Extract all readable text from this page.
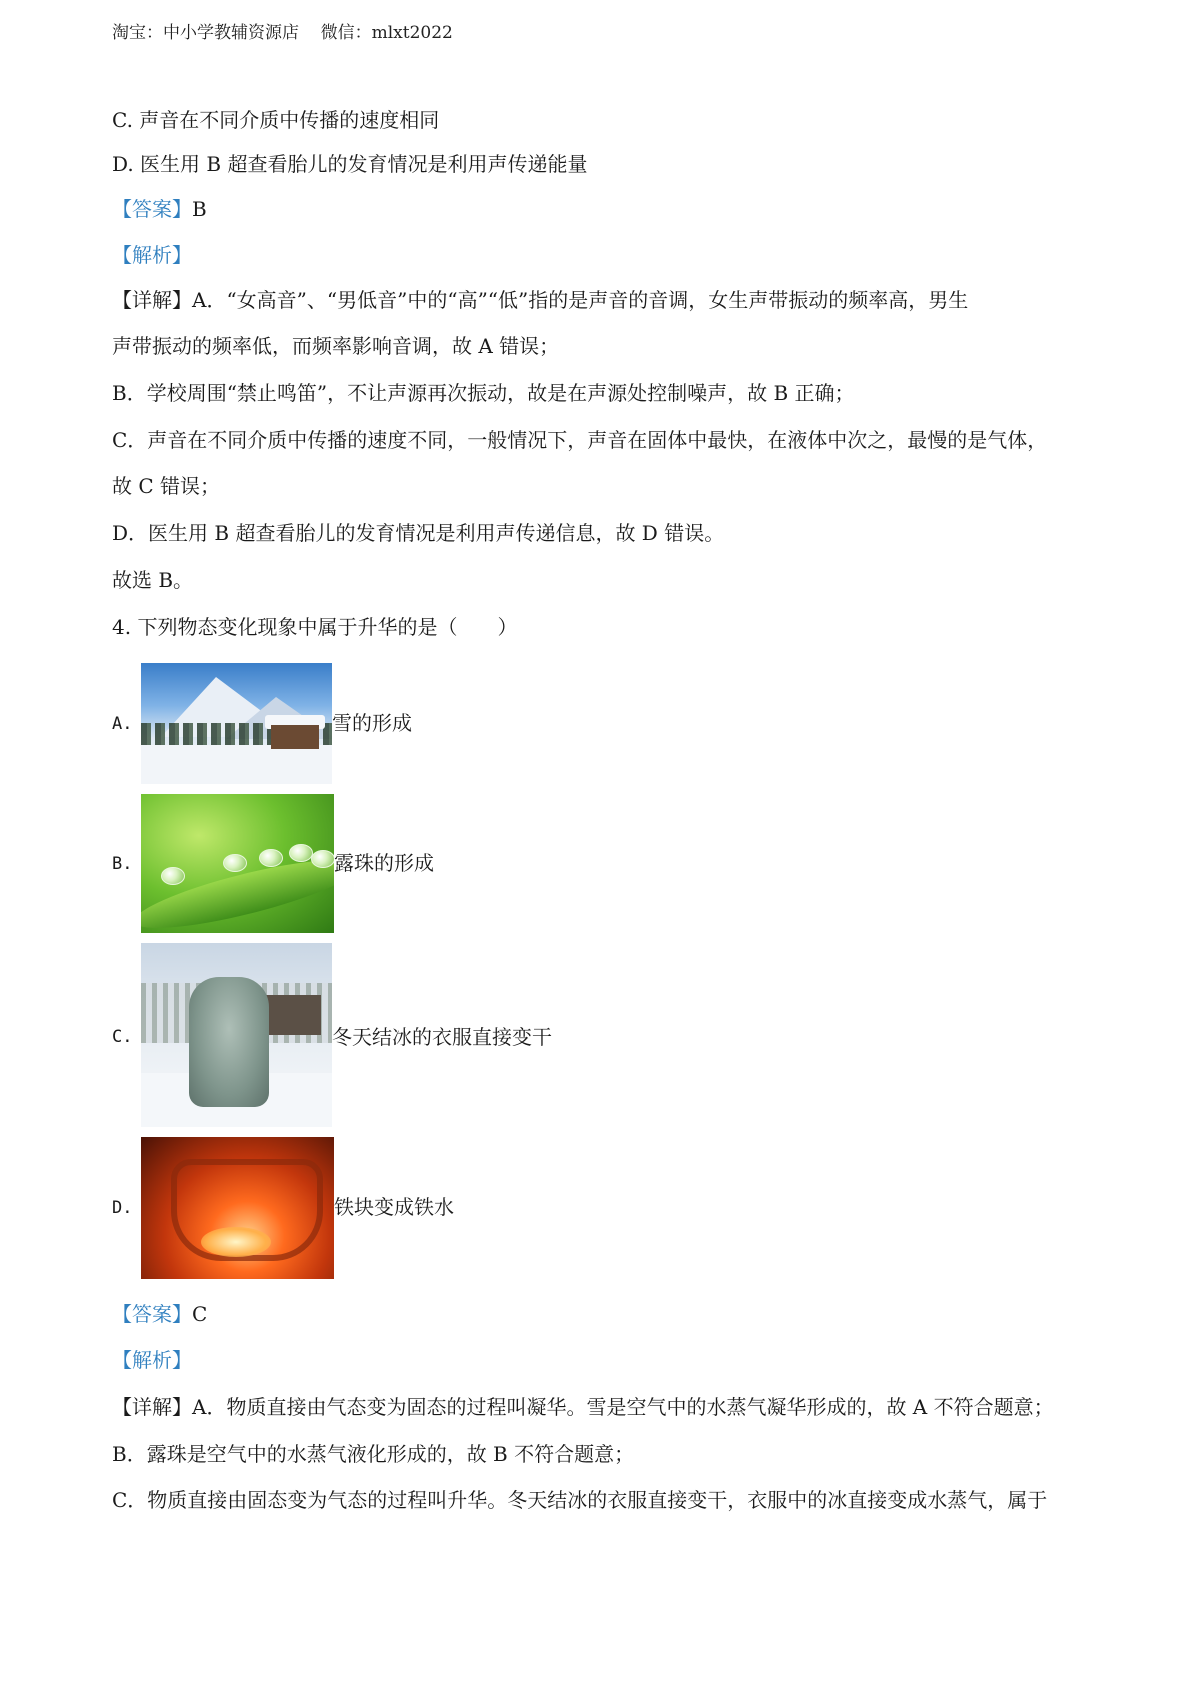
淘宝：中小学教辅资源店    微信：mlxt2022
C. 声音在不同介质中传播的速度相同
D. 医生用 B 超查看胎儿的发育情况是利用声传递能量
【答案】B
【解析】
【详解】A．“女高音”、“男低音”中的“高”“低”指的是声音的音调，女生声带振动的频率高，男生
声带振动的频率低，而频率影响音调，故 A 错误；
B．学校周围“禁止鸣笛”，不让声源再次振动，故是在声源处控制噪声，故 B 正确；
C．声音在不同介质中传播的速度不同，一般情况下，声音在固体中最快，在液体中次之，最慢的是气体，
故 C 错误；
D．医生用 B 超查看胎儿的发育情况是利用声传递信息，故 D 错误。
故选 B。
4. 下列物态变化现象中属于升华的是（　　）
A.	雪的形成
B.	露珠的形成
C.	冬天结冰的衣服直接变干
D.	铁块变成铁水
【答案】C
【解析】
【详解】A．物质直接由气态变为固态的过程叫凝华。雪是空气中的水蒸气凝华形成的，故 A 不符合题意；
B．露珠是空气中的水蒸气液化形成的，故 B 不符合题意；
C．物质直接由固态变为气态的过程叫升华。冬天结冰的衣服直接变干，衣服中的冰直接变成水蒸气，属于
